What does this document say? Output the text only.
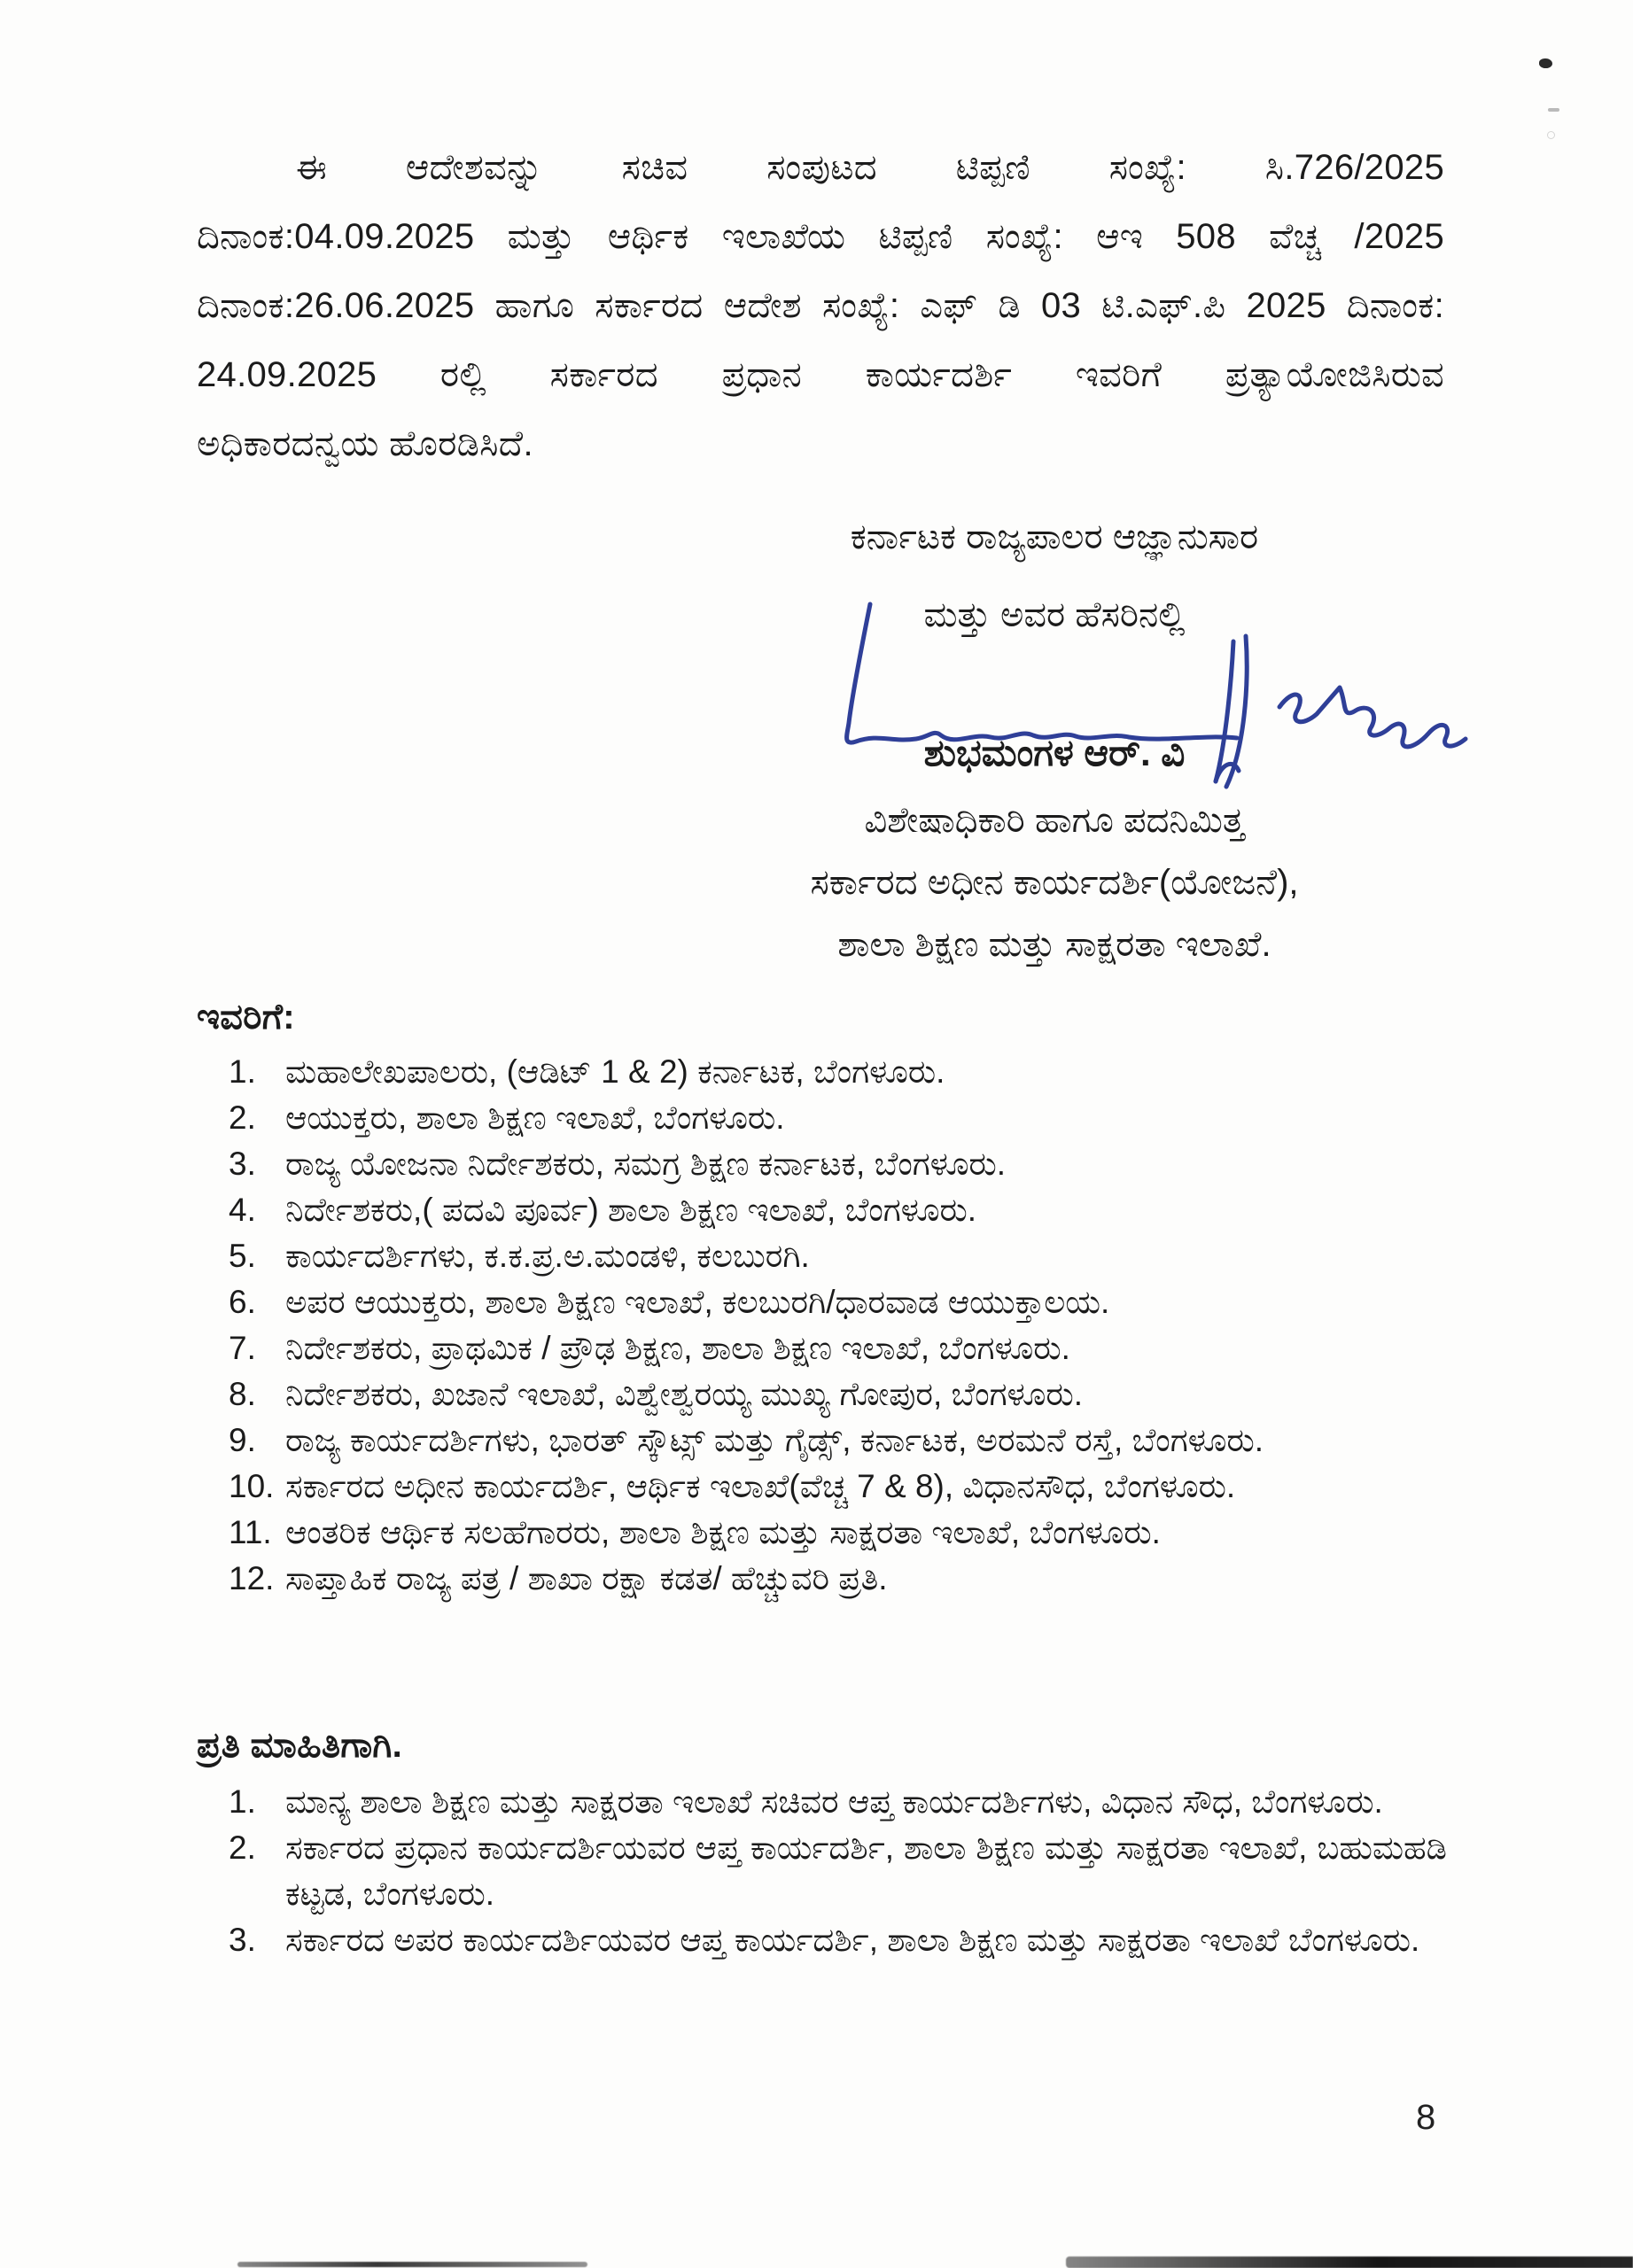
ಈ ಆದೇಶವನ್ನು ಸಚಿವ ಸಂಪುಟದ ಟಿಪ್ಪಣಿ ಸಂಖ್ಯೆ: ಸಿ.726/2025
ದಿನಾಂಕ:04.09.2025 ಮತ್ತು ಆರ್ಥಿಕ ಇಲಾಖೆಯ ಟಿಪ್ಪಣಿ ಸಂಖ್ಯೆ: ಆಇ 508 ವೆಚ್ಚ /2025
ದಿನಾಂಕ:26.06.2025 ಹಾಗೂ ಸರ್ಕಾರದ ಆದೇಶ ಸಂಖ್ಯೆ: ಎಫ್ ಡಿ 03 ಟಿ.ಎಫ್.ಪಿ 2025 ದಿನಾಂಕ:
24.09.2025 ರಲ್ಲಿ ಸರ್ಕಾರದ ಪ್ರಧಾನ ಕಾರ್ಯದರ್ಶಿ ಇವರಿಗೆ ಪ್ರತ್ಯಾಯೋಜಿಸಿರುವ
ಅಧಿಕಾರದನ್ವಯ ಹೊರಡಿಸಿದೆ.
ಕರ್ನಾಟಕ ರಾಜ್ಯಪಾಲರ ಆಜ್ಞಾನುಸಾರ
ಮತ್ತು ಅವರ ಹೆಸರಿನಲ್ಲಿ
ಶುಭಮಂಗಳ ಆರ್. ವಿ
ವಿಶೇಷಾಧಿಕಾರಿ ಹಾಗೂ ಪದನಿಮಿತ್ತ
ಸರ್ಕಾರದ ಅಧೀನ ಕಾರ್ಯದರ್ಶಿ(ಯೋಜನೆ),
ಶಾಲಾ ಶಿಕ್ಷಣ ಮತ್ತು ಸಾಕ್ಷರತಾ ಇಲಾಖೆ.
ಇವರಿಗೆ:
1. ಮಹಾಲೇಖಪಾಲರು, (ಆಡಿಟ್ 1 & 2) ಕರ್ನಾಟಕ, ಬೆಂಗಳೂರು.
2. ಆಯುಕ್ತರು, ಶಾಲಾ ಶಿಕ್ಷಣ ಇಲಾಖೆ, ಬೆಂಗಳೂರು.
3. ರಾಜ್ಯ ಯೋಜನಾ ನಿರ್ದೇಶಕರು, ಸಮಗ್ರ ಶಿಕ್ಷಣ ಕರ್ನಾಟಕ, ಬೆಂಗಳೂರು.
4. ನಿರ್ದೇಶಕರು,( ಪದವಿ ಪೂರ್ವ) ಶಾಲಾ ಶಿಕ್ಷಣ ಇಲಾಖೆ, ಬೆಂಗಳೂರು.
5. ಕಾರ್ಯದರ್ಶಿಗಳು, ಕ.ಕ.ಪ್ರ.ಅ.ಮಂಡಳಿ, ಕಲಬುರಗಿ.
6. ಅಪರ ಆಯುಕ್ತರು, ಶಾಲಾ ಶಿಕ್ಷಣ ಇಲಾಖೆ, ಕಲಬುರಗಿ/ಧಾರವಾಡ ಆಯುಕ್ತಾಲಯ.
7. ನಿರ್ದೇಶಕರು, ಪ್ರಾಥಮಿಕ / ಪ್ರೌಢ ಶಿಕ್ಷಣ, ಶಾಲಾ ಶಿಕ್ಷಣ ಇಲಾಖೆ, ಬೆಂಗಳೂರು.
8. ನಿರ್ದೇಶಕರು, ಖಜಾನೆ ಇಲಾಖೆ, ವಿಶ್ವೇಶ್ವರಯ್ಯ ಮುಖ್ಯ ಗೋಪುರ, ಬೆಂಗಳೂರು.
9. ರಾಜ್ಯ ಕಾರ್ಯದರ್ಶಿಗಳು, ಭಾರತ್ ಸ್ಕೌಟ್ಸ್ ಮತ್ತು ಗೈಡ್ಸ್, ಕರ್ನಾಟಕ, ಅರಮನೆ ರಸ್ತೆ, ಬೆಂಗಳೂರು.
10. ಸರ್ಕಾರದ ಅಧೀನ ಕಾರ್ಯದರ್ಶಿ, ಆರ್ಥಿಕ ಇಲಾಖೆ(ವೆಚ್ಚ 7 & 8), ವಿಧಾನಸೌಧ, ಬೆಂಗಳೂರು.
11. ಆಂತರಿಕ ಆರ್ಥಿಕ ಸಲಹೆಗಾರರು, ಶಾಲಾ ಶಿಕ್ಷಣ ಮತ್ತು ಸಾಕ್ಷರತಾ ಇಲಾಖೆ, ಬೆಂಗಳೂರು.
12. ಸಾಪ್ತಾಹಿಕ ರಾಜ್ಯ ಪತ್ರ / ಶಾಖಾ ರಕ್ಷಾ ಕಡತ/ ಹೆಚ್ಚುವರಿ ಪ್ರತಿ.
ಪ್ರತಿ ಮಾಹಿತಿಗಾಗಿ.
1. ಮಾನ್ಯ ಶಾಲಾ ಶಿಕ್ಷಣ ಮತ್ತು ಸಾಕ್ಷರತಾ ಇಲಾಖೆ ಸಚಿವರ ಆಪ್ತ ಕಾರ್ಯದರ್ಶಿಗಳು, ವಿಧಾನ ಸೌಧ, ಬೆಂಗಳೂರು.
2. ಸರ್ಕಾರದ ಪ್ರಧಾನ ಕಾರ್ಯದರ್ಶಿಯವರ ಆಪ್ತ ಕಾರ್ಯದರ್ಶಿ, ಶಾಲಾ ಶಿಕ್ಷಣ ಮತ್ತು ಸಾಕ್ಷರತಾ ಇಲಾಖೆ, ಬಹುಮಹಡಿ ಕಟ್ಟಡ, ಬೆಂಗಳೂರು.
3. ಸರ್ಕಾರದ ಅಪರ ಕಾರ್ಯದರ್ಶಿಯವರ ಆಪ್ತ ಕಾರ್ಯದರ್ಶಿ, ಶಾಲಾ ಶಿಕ್ಷಣ ಮತ್ತು ಸಾಕ್ಷರತಾ ಇಲಾಖೆ ಬೆಂಗಳೂರು.
8
